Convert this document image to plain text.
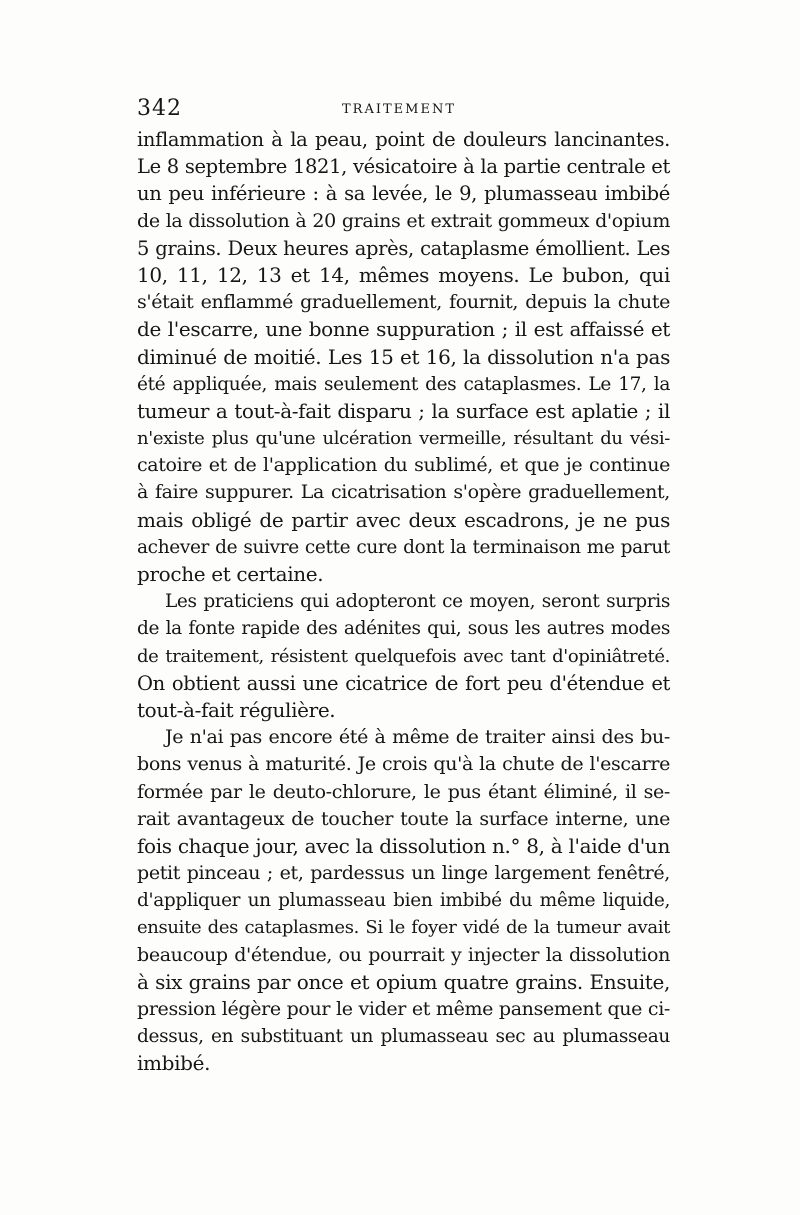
342	TRAITEMENT
inflammation à la peau, point de douleurs lancinantes.
Le 8 septembre 1821, vésicatoire à la partie centrale et
un peu inférieure : à sa levée, le 9, plumasseau imbibé
de la dissolution à 20 grains et extrait gommeux d'opium
5 grains. Deux heures après, cataplasme émollient. Les
10, 11, 12, 13 et 14, mêmes moyens. Le bubon, qui
s'était enflammé graduellement, fournit, depuis la chute
de l'escarre, une bonne suppuration ; il est affaissé et
diminué de moitié. Les 15 et 16, la dissolution n'a pas
été appliquée, mais seulement des cataplasmes. Le 17, la
tumeur a tout-à-fait disparu ; la surface est aplatie ; il
n'existe plus qu'une ulcération vermeille, résultant du vési-
catoire et de l'application du sublimé, et que je continue
à faire suppurer. La cicatrisation s'opère graduellement,
mais obligé de partir avec deux escadrons, je ne pus
achever de suivre cette cure dont la terminaison me parut
proche et certaine.
Les praticiens qui adopteront ce moyen, seront surpris
de la fonte rapide des adénites qui, sous les autres modes
de traitement, résistent quelquefois avec tant d'opiniâtreté.
On obtient aussi une cicatrice de fort peu d'étendue et
tout-à-fait régulière.
Je n'ai pas encore été à même de traiter ainsi des bu-
bons venus à maturité. Je crois qu'à la chute de l'escarre
formée par le deuto-chlorure, le pus étant éliminé, il se-
rait avantageux de toucher toute la surface interne, une
fois chaque jour, avec la dissolution n.° 8, à l'aide d'un
petit pinceau ; et, pardessus un linge largement fenêtré,
d'appliquer un plumasseau bien imbibé du même liquide,
ensuite des cataplasmes. Si le foyer vidé de la tumeur avait
beaucoup d'étendue, ou pourrait y injecter la dissolution
à six grains par once et opium quatre grains. Ensuite,
pression légère pour le vider et même pansement que ci-
dessus, en substituant un plumasseau sec au plumasseau
imbibé.
